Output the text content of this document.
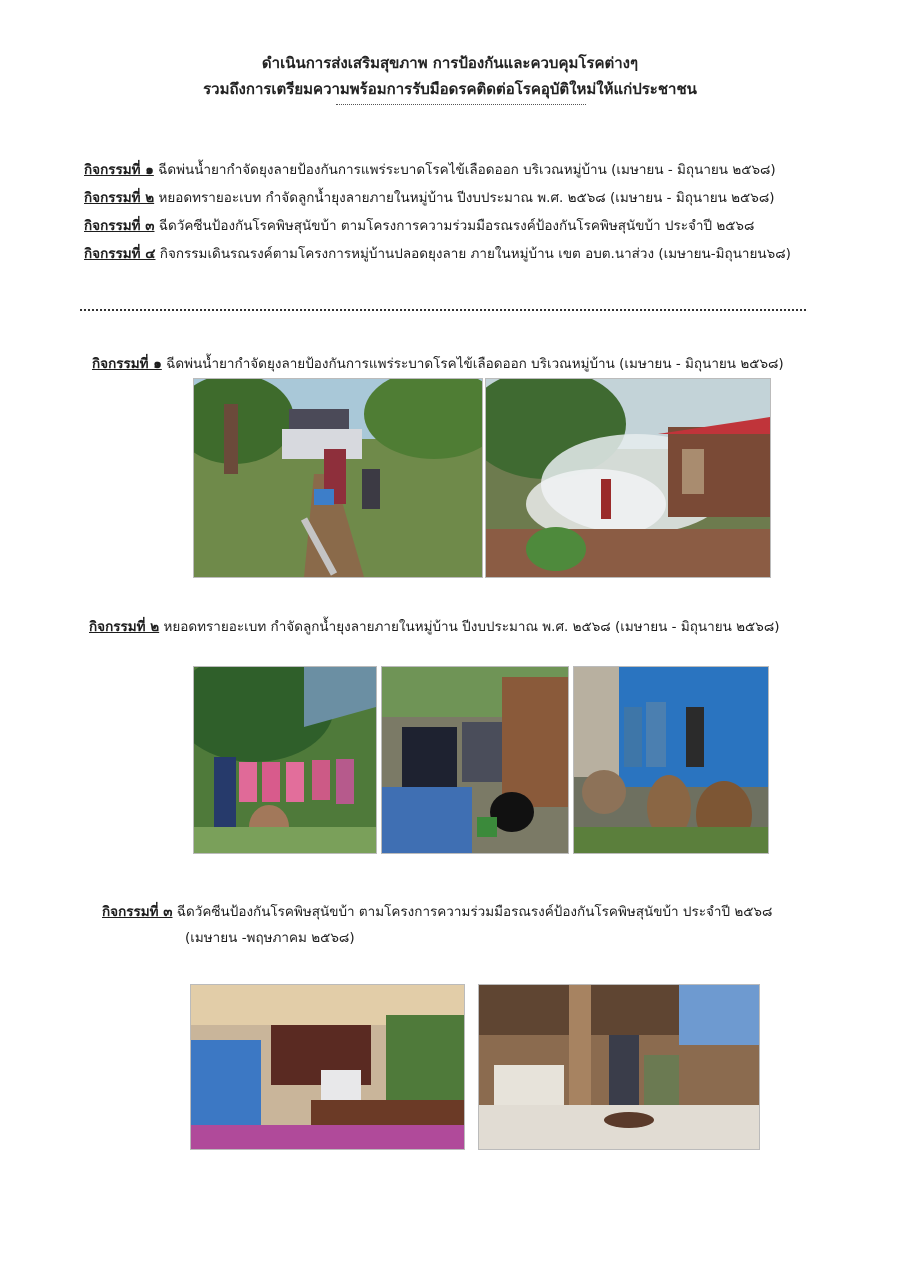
ดำเนินการส่งเสริมสุขภาพ การป้องกันและควบคุมโรคต่างๆ
รวมถึงการเตรียมความพร้อมการรับมือดรคติดต่อโรคอุบัติใหม่ให้แก่ประชาชน
กิจกรรมที่ ๑ ฉีดพ่นน้ำยากำจัดยุงลายป้องกันการแพร่ระบาดโรคไข้เลือดออก บริเวณหมู่บ้าน (เมษายน - มิถุนายน ๒๕๖๘)
กิจกรรมที่ ๒ หยอดทรายอะเบท กำจัดลูกน้ำยุงลายภายในหมู่บ้าน ปีงบประมาณ พ.ศ. ๒๕๖๘ (เมษายน - มิถุนายน ๒๕๖๘)
กิจกรรมที่ ๓ ฉีดวัคซีนป้องกันโรคพิษสุนัขบ้า ตามโครงการความร่วมมือรณรงค์ป้องกันโรคพิษสุนัขบ้า ประจำปี ๒๕๖๘
กิจกรรมที่ ๔ กิจกรรมเดินรณรงค์ตามโครงการหมู่บ้านปลอดยุงลาย ภายในหมู่บ้าน เขต อบต.นาส่วง (เมษายน-มิถุนายน๖๘)
กิจกรรมที่ ๑ ฉีดพ่นน้ำยากำจัดยุงลายป้องกันการแพร่ระบาดโรคไข้เลือดออก บริเวณหมู่บ้าน (เมษายน - มิถุนายน ๒๕๖๘)
กิจกรรมที่ ๒ หยอดทรายอะเบท กำจัดลูกน้ำยุงลายภายในหมู่บ้าน ปีงบประมาณ พ.ศ. ๒๕๖๘ (เมษายน - มิถุนายน ๒๕๖๘)
กิจกรรมที่ ๓ ฉีดวัคซีนป้องกันโรคพิษสุนัขบ้า ตามโครงการความร่วมมือรณรงค์ป้องกันโรคพิษสุนัขบ้า ประจำปี ๒๕๖๘
(เมษายน -พฤษภาคม ๒๕๖๘)
